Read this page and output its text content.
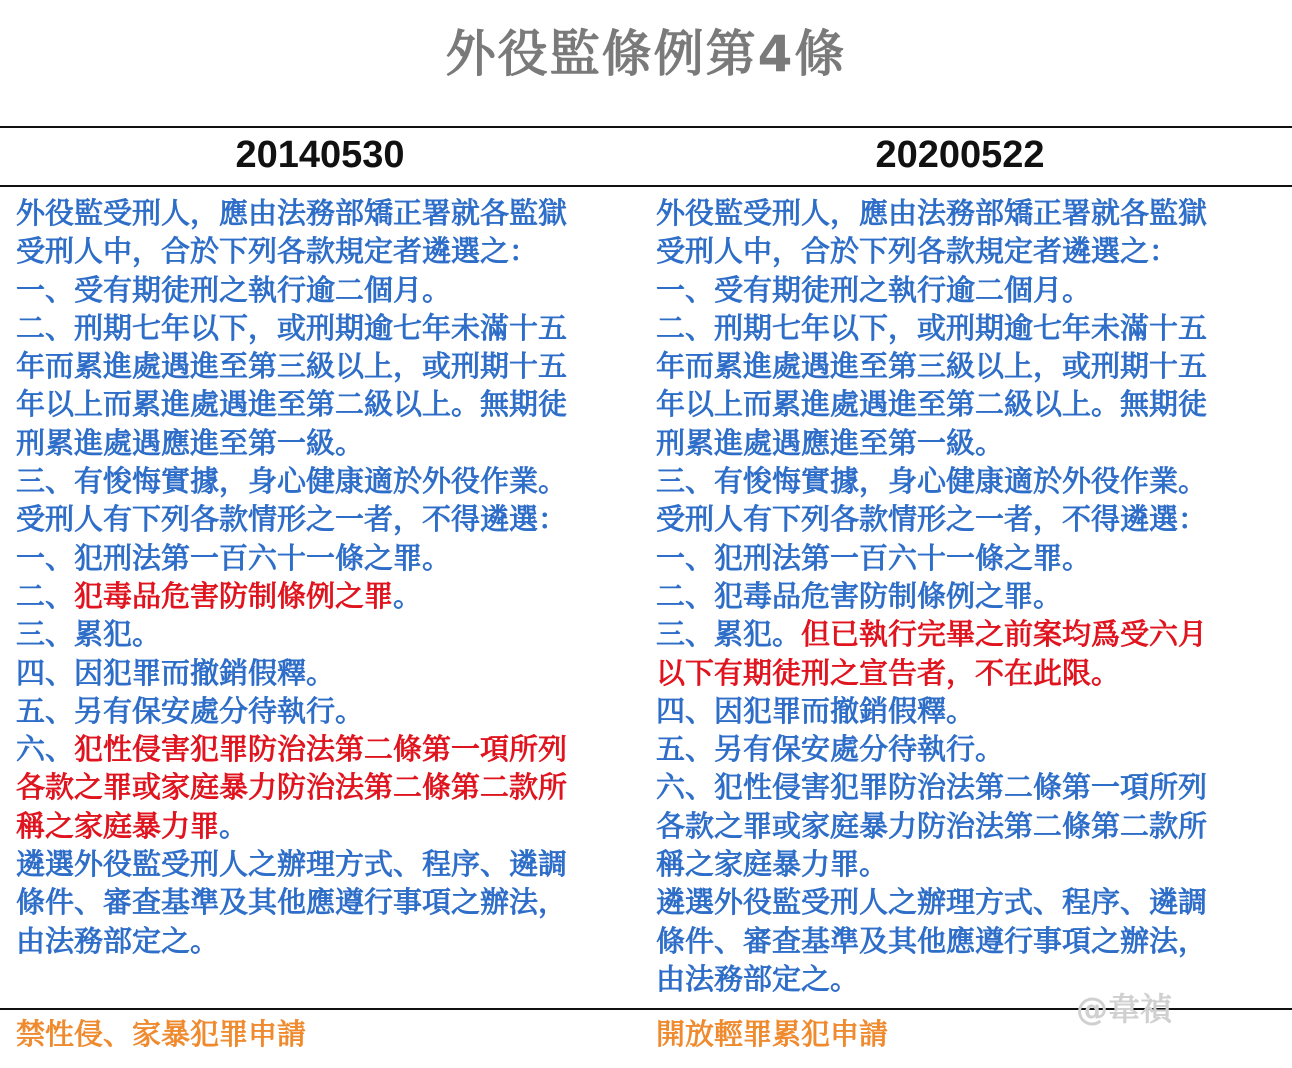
外役監條例第4條
20140530	20200522

外役監受刑人，應由法務部矯正署就各監獄

受刑人中，合於下列各款規定者遴選之：

一、受有期徒刑之執行逾二個月。

二、刑期七年以下，或刑期逾七年未滿十五

年而累進處遇進至第三級以上，或刑期十五

年以上而累進處遇進至第二級以上。無期徒

刑累進處遇應進至第一級。

三、有悛悔實據，身心健康適於外役作業。

受刑人有下列各款情形之一者，不得遴選：

一、犯刑法第一百六十一條之罪。

二、犯毒品危害防制條例之罪。

三、累犯。

四、因犯罪而撤銷假釋。

五、另有保安處分待執行。

六、犯性侵害犯罪防治法第二條第一項所列

各款之罪或家庭暴力防治法第二條第二款所

稱之家庭暴力罪。

遴選外役監受刑人之辦理方式、程序、遴調

條件、審查基準及其他應遵行事項之辦法，

由法務部定之。

外役監受刑人，應由法務部矯正署就各監獄

受刑人中，合於下列各款規定者遴選之：

一、受有期徒刑之執行逾二個月。

二、刑期七年以下，或刑期逾七年未滿十五

年而累進處遇進至第三級以上，或刑期十五

年以上而累進處遇進至第二級以上。無期徒

刑累進處遇應進至第一級。

三、有悛悔實據，身心健康適於外役作業。

受刑人有下列各款情形之一者，不得遴選：

一、犯刑法第一百六十一條之罪。

二、犯毒品危害防制條例之罪。

三、累犯。但已執行完畢之前案均爲受六月

以下有期徒刑之宣告者，不在此限。

四、因犯罪而撤銷假釋。

五、另有保安處分待執行。

六、犯性侵害犯罪防治法第二條第一項所列

各款之罪或家庭暴力防治法第二條第二款所

稱之家庭暴力罪。

遴選外役監受刑人之辦理方式、程序、遴調

條件、審查基準及其他應遵行事項之辦法，

由法務部定之。

禁性侵、家暴犯罪申請	開放輕罪累犯申請
@韋禎
